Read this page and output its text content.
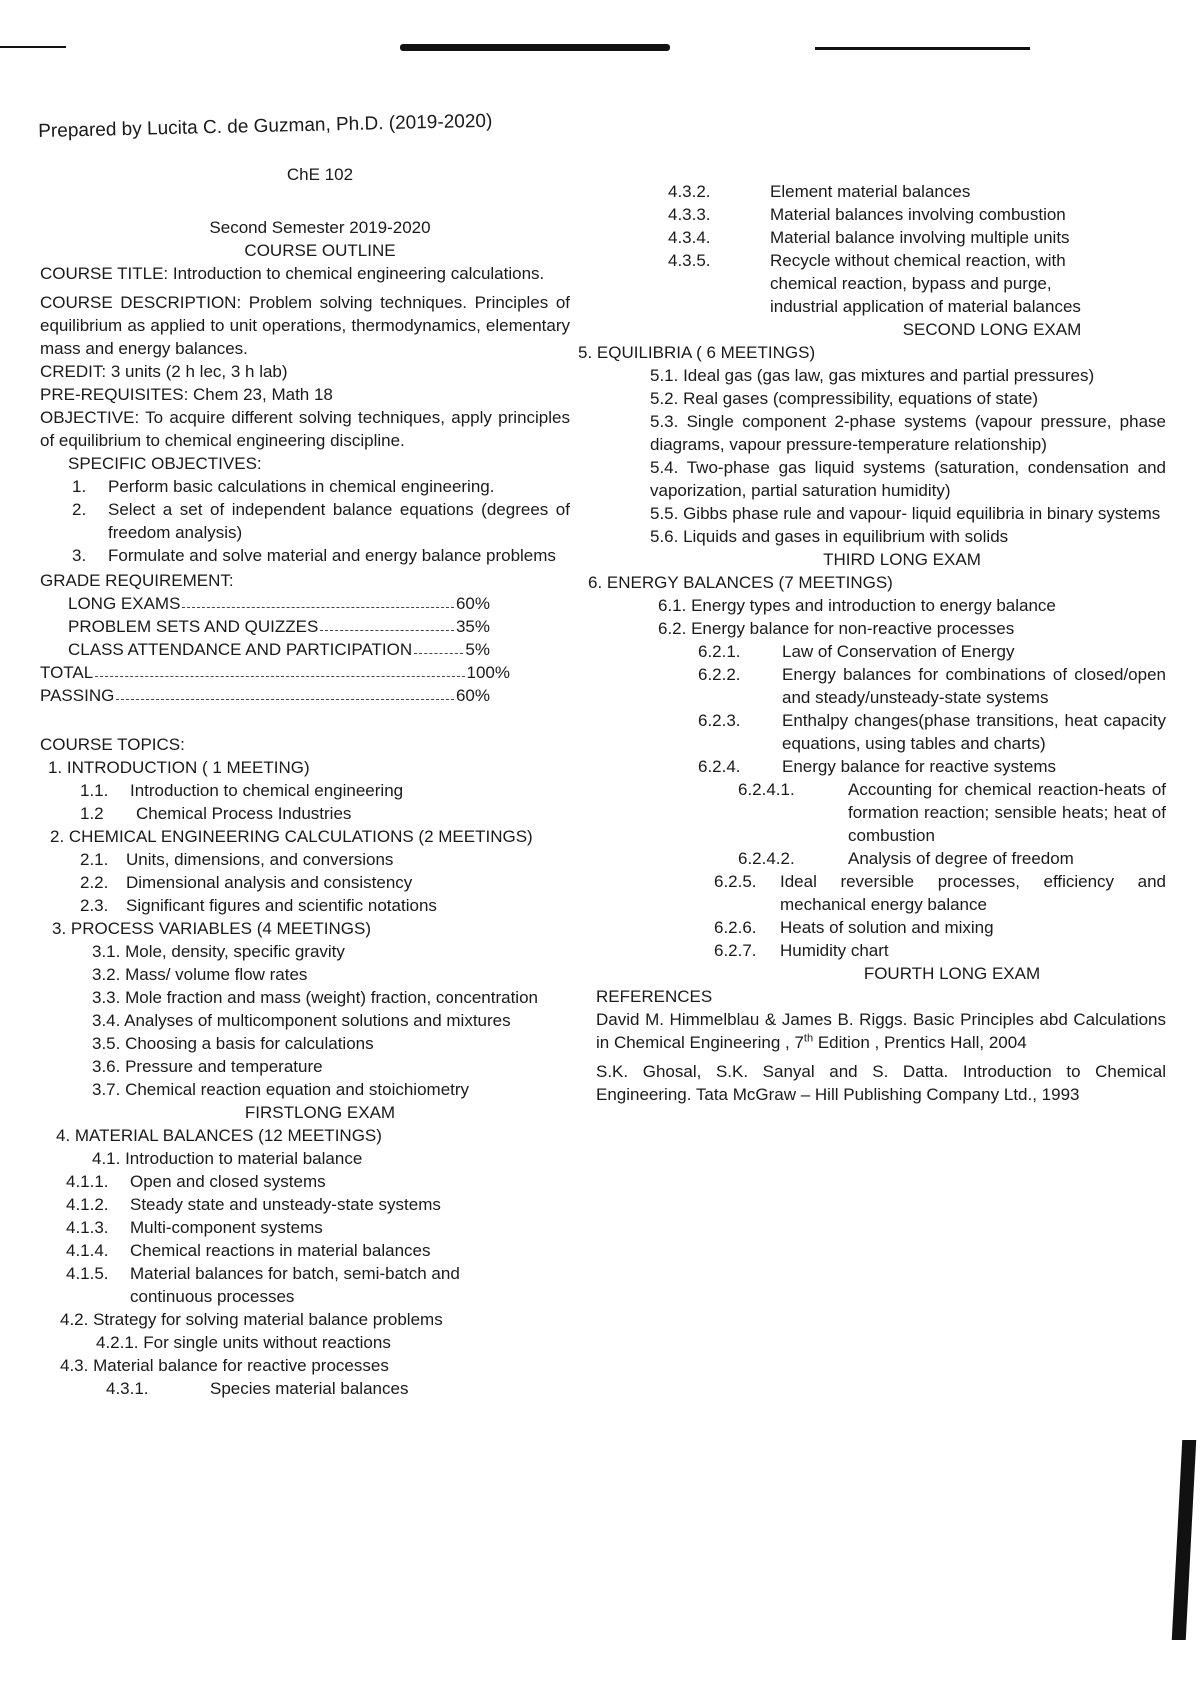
Prepared by Lucita C. de Guzman, Ph.D. (2019-2020)

ChE 102

Second Semester 2019-2020

COURSE OUTLINE

COURSE TITLE: Introduction to chemical engineering calculations.

COURSE DESCRIPTION: Problem solving techniques. Principles of equilibrium as applied to unit operations, thermodynamics, elementary mass and energy balances.

CREDIT: 3 units (2 h lec, 3 h lab)

PRE-REQUISITES: Chem 23, Math 18

OBJECTIVE: To acquire different solving techniques, apply principles of equilibrium to chemical engineering discipline.

SPECIFIC OBJECTIVES:

1.	Perform basic calculations in chemical engineering.
2.	Select a set of independent balance equations (degrees of freedom analysis)
3.	Formulate and solve material and energy balance problems

GRADE REQUIREMENT:

LONG EXAMS	60%
PROBLEM SETS AND QUIZZES	35%
CLASS ATTENDANCE AND PARTICIPATION	5%
TOTAL	100%
PASSING	60%

COURSE TOPICS:

1. INTRODUCTION ( 1 MEETING)

1.1.	Introduction to chemical engineering
1.2	Chemical Process Industries

2. CHEMICAL ENGINEERING CALCULATIONS (2 MEETINGS)

2.1.	Units, dimensions, and conversions
2.2.	Dimensional analysis and consistency
2.3.	Significant figures and scientific notations

3. PROCESS VARIABLES (4 MEETINGS)

3.1. Mole, density, specific gravity

3.2. Mass/ volume flow rates

3.3. Mole fraction and mass (weight) fraction, concentration

3.4. Analyses of multicomponent solutions and mixtures

3.5. Choosing a basis for calculations

3.6. Pressure and temperature

3.7. Chemical reaction equation and stoichiometry

FIRSTLONG EXAM

4. MATERIAL BALANCES (12 MEETINGS)

4.1. Introduction to material balance

4.1.1.	Open and closed systems
4.1.2.	Steady state and unsteady-state systems
4.1.3.	Multi-component systems
4.1.4.	Chemical reactions in material balances
4.1.5.	Material balances for batch, semi-batch and continuous processes

4.2. Strategy for solving material balance problems

4.2.1. For single units without reactions

4.3. Material balance for reactive processes

4.3.1.	Species material balances
4.3.2.	Element material balances
4.3.3.	Material balances involving combustion
4.3.4.	Material balance involving multiple units
4.3.5.	Recycle without chemical reaction, with chemical reaction, bypass and purge, industrial application of material balances

SECOND LONG EXAM

5. EQUILIBRIA ( 6 MEETINGS)

5.1. Ideal gas (gas law, gas mixtures and partial pressures)

5.2. Real gases (compressibility, equations of state)

5.3. Single component 2-phase systems (vapour pressure, phase diagrams, vapour pressure-temperature relationship)

5.4. Two-phase gas liquid systems (saturation, condensation and vaporization, partial saturation humidity)

5.5. Gibbs phase rule and vapour- liquid equilibria in binary systems

5.6. Liquids and gases in equilibrium with solids

THIRD LONG EXAM

6. ENERGY BALANCES (7 MEETINGS)

6.1. Energy types and introduction to energy balance

6.2. Energy balance for non-reactive processes

6.2.1.	Law of Conservation of Energy
6.2.2.	Energy balances for combinations of closed/open and steady/unsteady-state systems
6.2.3.	Enthalpy changes(phase transitions, heat capacity equations, using tables and charts)
6.2.4.	Energy balance for reactive systems
6.2.4.1.	Accounting for chemical reaction-heats of formation reaction; sensible heats; heat of combustion
6.2.4.2.	Analysis of degree of freedom
6.2.5.	Ideal reversible processes, efficiency and mechanical energy balance
6.2.6.	Heats of solution and mixing
6.2.7.	Humidity chart

FOURTH LONG EXAM

REFERENCES

David M. Himmelblau & James B. Riggs. Basic Principles abd Calculations in Chemical Engineering , 7th Edition , Prentics Hall, 2004

S.K. Ghosal, S.K. Sanyal and S. Datta. Introduction to Chemical Engineering. Tata McGraw – Hill Publishing Company Ltd., 1993
